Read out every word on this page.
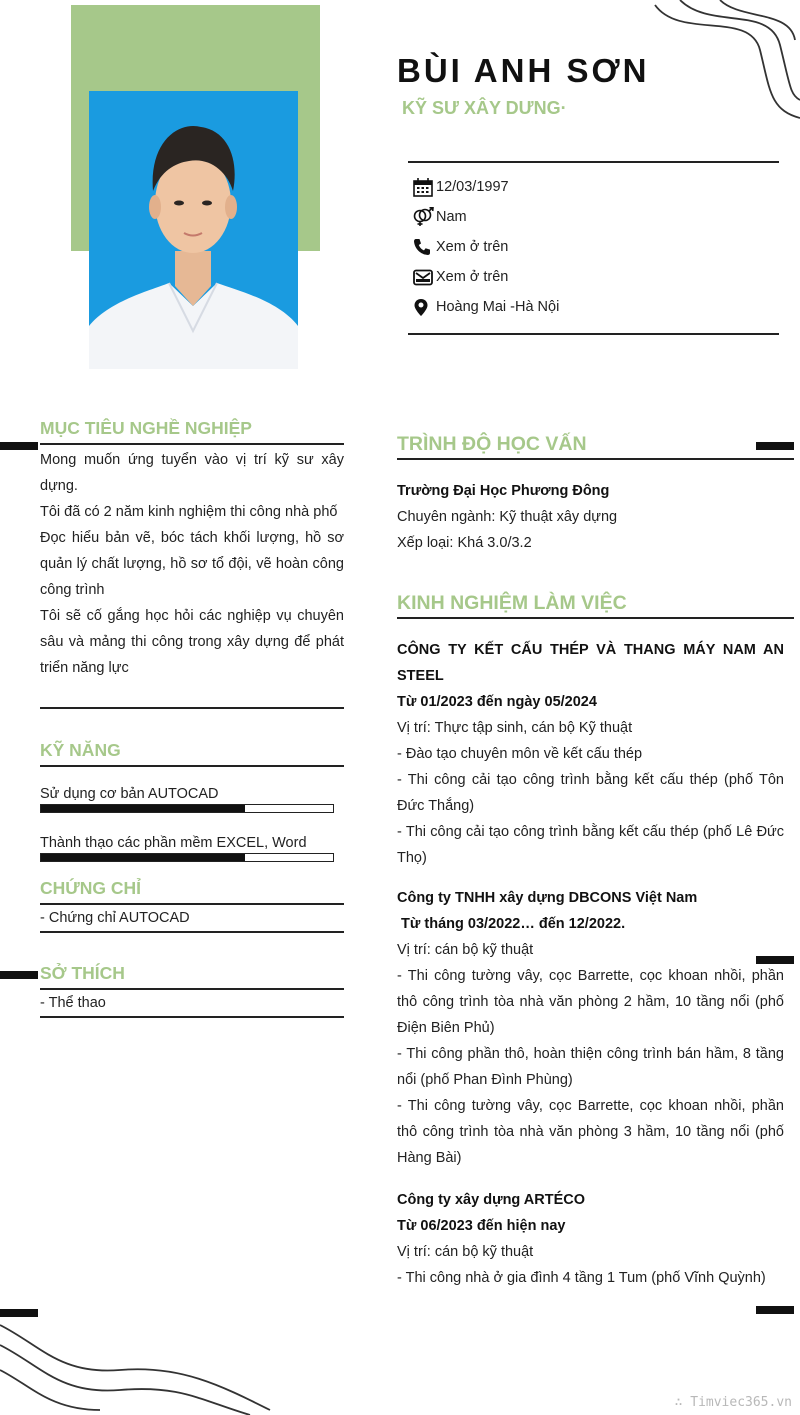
BÙI ANH SƠN
KỸ SƯ XÂY DƯNG·
12/03/1997
Nam
Xem ở trên
Xem ở trên
Hoàng Mai -Hà Nội
MỤC TIÊU NGHỀ NGHIỆP
Mong muốn ứng tuyển vào vị trí kỹ sư xây dựng.
Tôi đã có 2 năm kinh nghiệm thi công nhà phố
Đọc hiểu bản vẽ, bóc tách khối lượng, hồ sơ quản lý chất lượng, hồ sơ tổ đội, vẽ hoàn công công trình
Tôi sẽ cố gắng học hỏi các nghiệp vụ chuyên sâu và mảng thi công trong xây dựng để phát triển năng lực
KỸ NĂNG
Sử dụng cơ bản AUTOCAD
Thành thạo các phần mềm EXCEL, Word
CHỨNG CHỈ
- Chứng chỉ AUTOCAD
SỞ THÍCH
- Thể thao
TRÌNH ĐỘ HỌC VẤN
Trường Đại Học Phương Đông
Chuyên ngành: Kỹ thuật xây dựng
Xếp loại: Khá 3.0/3.2
KINH NGHIỆM LÀM VIỆC
CÔNG TY KẾT CẤU THÉP VÀ THANG MÁY NAM AN STEEL
Từ 01/2023 đến ngày 05/2024
Vị trí: Thực tập sinh, cán bộ Kỹ thuật
- Đào tạo chuyên môn về kết cấu thép
- Thi công cải tạo công trình bằng kết cấu thép (phố Tôn Đức Thắng)
- Thi công cải tạo công trình bằng kết cấu thép (phố Lê Đức Thọ)
Công ty TNHH xây dựng DBCONS Việt Nam
Từ tháng 03/2022… đến 12/2022.
Vị trí: cán bộ kỹ thuật
- Thi công tường vây, cọc Barrette, cọc khoan nhồi, phần thô công trình tòa nhà văn phòng 2 hầm, 10 tầng nổi (phố Điện Biên Phủ)
- Thi công phần thô, hoàn thiện công trình bán hầm, 8 tầng nổi (phố Phan Đình Phùng)
- Thi công tường vây, cọc Barrette, cọc khoan nhồi, phần thô công trình tòa nhà văn phòng 3 hầm, 10 tầng nổi (phố Hàng Bài)
Công ty xây dựng ARTÉCO
Từ 06/2023 đến hiện nay
Vị trí: cán bộ kỹ thuật
- Thi công nhà ở gia đình 4 tầng 1 Tum (phố Vĩnh Quỳnh)
∴ Timviec365.vn
